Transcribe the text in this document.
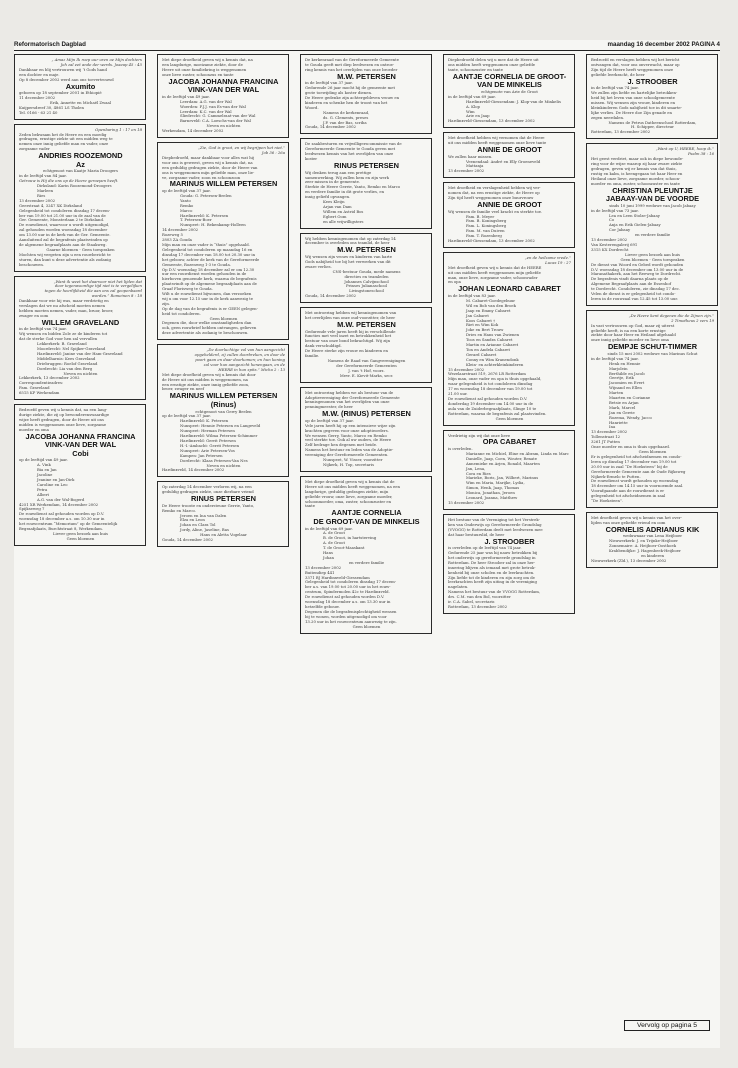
Reformatorisch Dagblad	maandag 16 december 2002 PAGINA 4
„ Amaz Mijn Ik roep uur uren oe Mijn dochters
Joh zal eet ande der werds. Joaeap 45 : 45
Dankbaar en blij vertrouwen wij ‘t Gods hand
een dochter en maje.
Op 8 december 2002 werd aan ons toevertrouwd
Axumito
geboren op 18 september 2001 in Ethiopië
11 december 2002
Erik, Annette en Michaël Zwaal
Kuijpersdreef 30, 4861 LS Tholen
Tel. 0166 - 63 21 40
Openbaring 1 : 17 en 18
Zeden bekwaam het de Heere en een moedig
gedragen, ernstige ziekte uit een midden weg te
nemen onze innig geliefde man en vader, onze
zorgzame vader
ANDRIES ROOZEMOND
Az
echtgenoot van Kaatje Maria Droogers
in de leeftijd van 84 jaar.
Getrouw is Hij die ons op de Heere geroepen heeft.
Dirksland: Karin Roozemond-Droogers
Marleen
Ries
13 december 2002
Geerstraat 4, 3247 XK Dirksland
Gelegenheid tot condoleren dinsdag 17 decem-
ber van 19.00 tot 21.00 uur in de zaal van de
Ger. Gemeente, Monsterlaan 2 te Dirksland.
De rouwdienst, waarvoor u wordt uitgenodigd,
zal gehouden worden woensdag 18 december
om 13.00 uur in de kerk van de Ger. Gemeente.
Aansluitend zal de begrafenis plaatsvinden op
de algemene begraafplaats aan de Staakweg.
Gaarne bloemen - Geen toespraken
Mochten wij vergeten zijn u een rouwbericht te
sturen, dan kunt u deze advertentie als zodanig
beschouwen.
„Want ik weet het daarvoor niet het lijden dat
door tegenwoordige tijd niet is te vergelijken
tegen de heerlijkheid die aan ons zal geopenbaard
worden.” Romeinen 8 : 18
Dankbaar voor wie hij was, maar verdrietig en
verslagen dat we nu afscheid moeten nemen
hebben moeten nemen, vader, man, bruor, broer,
zwager en oom
WILLEM GRAVELAND
in de leeftijd van 74 jaar.
Wij wensen en bidden Zole ze de kinderen tot
dat de sterke God voor hen zal vervullen
Lekkerkerk: B. Graveland
Moordrecht: Nel Spijker-Graveland
Hardinxveld: Janine van der Ham-Graveland
Middelharnis: Kees Graveland
Driebruggen: Roelof Graveland
Dordrecht: Lia van den Berg
Neven en nichten
Lekkerkerk, 13 december 2002
Correspondentieadres:
Fam. Graveland
6515 KP Werkendam
Bedroefd geven wij u kennis dat, na een lang-
durige ziekte, die zij op bewonderenswaardige
wijze heeft gedragen, door de Heere uit ons
midden is weggenomen onze lieve, zorgzame
moeder en oma
JACOBA JOHANNA FRANCINA
VINK-VAN DER WAL
Cobi
op de leeftijd van 49 jaar.
A. Vink
Bia en Jan
Jacoline
Jeanine en Jan-Dirk
Caroline en Leo
Petra
Albert
A.G. van der Wal-Bogerd
4251 XR Werkendam, 14 december 2002
Spijkseweg 7
De rouwdienst zal gehouden worden op D.V.
woensdag 18 december a.s. om 10.30 uur in
het rouwcentrum “Memorium” op de Gemeentelijk
Begraafplaats, Burchtstraat 8, Werkendam.
Liever geen bezoek aan huis
Geen bloemen
Met diepe droefheid geven wij u kennis dat, na
een langdurige, moeizame ziekte, door de
Heere uit onze familiekring is weggenomen
onze lieve zuster, schoonzus en tante
JACOBA JOHANNA FRANCINA
VINK-VAN DER WAL
in de leeftijd van 49 jaar.
Leerdam: A.G. van der Wal
Woerden: F.J.J. van Es-van der Wal
Leerdam: K.C. van der Wal
Sliedrecht: G. Cammelraat-van der Wal
Barneveld: C.A. Loeschs-van der Wal
Neven en nichten
Werkendam, 14 december 2002
„Zie, God is groot, en wij begrijpen het niet.”
Job 36 : 26a
Diepbedroefd, maar dankbaar voor alles wat hij
voor ons is geweest, geven wij u kennis dat, na
een geduldig gedragen ziekte, door de Heere van
ons is weggenomen mijn geliefde man, onze lie-
ve, zorgzame vader, zoon en schoonzoon
MARINUS WILLEM PETERSEN
op de leeftijd van 37 jaar.
Gouda: G. Petersen-Beelen
Yanto
Remko
Marco
Hardinxveld: K. Petersen
T. Petersen-Boer
Nunspeet: H. Bekenkamp-Holleen
14 december 2002
Rozeweg 5
2803 ZA Gouda
Mijn man en onze vader is “thuis” opgehaald.
Gelegenheid tot condoleren op maandag 16 en
dinsdag 17 december van 18.00 tot 20.30 uur in
het gebouw, achter de kerk van de Gereformeerde
Gemeente, Rozenweg 1-3 te Gouda.
Op D.V. woensdag 18 december zal er om 12.30
uur een rouwdienst worden gehouden in de
hierboven genoemde kerk, waarna de begrafenis
plaatsvindt op de algemene begraafplaats aan de
Graaf Florisweg te Gouda.
Wilt u de rouwdienst bijwonen, dan verzoeken
wij u om voor 12.15 uur in de kerk aanwezig te
zijn.
Op de dag van de begrafenis is er GEEN gelegen-
heid tot condoleren.
Geen bloemen
Degenen die, door welke omstandigheden dan
ook, geen rouwbrief hebben ontvangen, gelieven
deze advertentie als zodanig te beschouwen.
„De doorluchtige vol van hun aangezicht
opgehelderd, zij zullen doorbreken, en door de
poort gaan en daar doorkomen; en hun koning
zal voor hun aangezicht henengaan, en de
HEERE in hun spits.” Micha 2 : 13
Met diepe droefheid geven wij u kennis dat door
de Heere uit ons midden is weggenomen, na
een ernstige ziekte, onze innig geliefde zoon,
broer, zwager en neef
MARINUS WILLEM PETERSEN
(Rinus)
echtgenoot van Gerry Beelen
op de leeftijd van 37 jaar.
Hardinxveld: K. Petersen
Nunspeet: Hennie Petersen en Langeveld
Nunspeet: Herman Petersen
Hardinxveld: Wilma Petersen-Schimmer
Hardinxveld: Gerrit Petersen
H.-I.-Ambacht: Gerrit Petersen
Nunspeet: Arie Petersen-Vos
Kampen: Jan Petersen
Dordrecht: Klaas Petersen-Van Nes
Neven en nichten
Hardinxveld, 14 december 2002
Op zaterdag 14 december verloren wij, na een
geduldig gedragen ziekte, onze dierbare vriend
RINUS PETERSEN
De Heere trooste en ondersteune Gerrie, Yanto,
Remko en Marco.
Jeroen en Ina van Dalen
Elza en Leon
Johan en Clara Tol
Jordy, Aline, Jaseline, Bas
Hans en Aletta Vogelaar
Gouda, 14 december 2002
De kerkenraad van de Gereformeerde Gemeente
te Gouda geeft met diep leedwezen en ontroe-
ring kennis van het overlijden van onze broeder
M.W. PETERSEN
in de leeftijd van 37 jaar.
Gedurende 26 jaar mocht hij de gemeente met
grote toewijding als koster dienen.
De Heere gedenke zijn achtergebleven vrouw en
kinderen en schenke hen de troost van het
Woord.
Namens de kerkenraad,
ds. G. Clements, preses
J.P. van der Bas, scriba
Gouda, 14 december 2002
De zaakbesturen en vrijwilligerscommissie van de
Gereformeerde Gemeente te Gouda geven met
leedwezen kennis van het overlijden van onze
koster
RINUS PETERSEN
Wij denken terug aan een prettige
samenwerking. Wij zullen hem en zijn werk
zeer missen in de gemeente.
Sterkte de Heere Gerrie, Yanto, Remko en Marco
en verdere familie in dit grote verlies, en
innig geliefd opvangen.
Kees Kleijn
Arjan van Dam
Willem en Astrid Bos
Egbert Oom
en alle vrijwilligsters
Wij hebben kennisgenomen dat op zaterdag 14
december is overleden ons teamlid, de heer
M.W. PETERSEN
Wij wensen zijn vrouw en kinderen van harte
Gods nabijheid toe bij het verwerken van dit
zware verlies.
CNS-bestuur Gouda, mede namens
directies en teamleden
Johannes Calvijnschool
Prinses Julianaschool
Livingstoneschool
Gouda, 14 december 2002
Met ontroering hebben wij kennisgenomen van
het overlijden van onze oud-voorzitter, de heer
M.W. PETERSEN
Gedurende vele jaren heeft hij in verschillende
functies met veel inzet en betrokkenheid het
bestuur van onze bond bekrachtigd. Wij zijn
dank verschuldigd.
De Heere sterke zijn vrouw en kinderen en
familie.
Namens de Raad van Gangverenigingen
der Gereformeerde Gemeenten
J. van 't Hof, voorz.
Mevr. E. Kievit-Marks, secr.
Met ontroering hebben we als bestuur van de
Adoptievereniging der Gereformeerde Gemeente
kennisgenomen van het overlijden van onze
penningmeester, de heer
M.W. (RINUS) PETERSEN
op de leeftijd van 37 jaar.
Vele jaren heeft hij op een intensieve wijze zijn
krachten gegeven voor onze adoptieorders.
We wensen Gerry, Yanto, Marco en Remko
veel sterkte toe. Ook al uw ouders, de Heere
Zelf bedrage hen degenen met beide.
Namens het bestuur en leden van de Adoptie-
vereniging der Gereformeerde Gemeenten.
Nunspeet, W. Visser, voorzitter
Nijkerk, H. Top, secretaris
Met diepe droefheid geven wij u kennis dat de
Heere uit ons midden heeft weggenomen, na een
langdurige, geduldig gedragen ziekte, mijn
geliefde vrouw, onze lieve, zorgzame moeder,
schoonmoeder, oma, zuster, schoonzuster en
tante
AANTJE CORNELIA
DE GROOT-VAN DE MINKELIS
in de leeftijd van 69 jaar.
A. de Groot
B. de Groot, in hartsterving
A. de Groot
T. de Groot-Maaskant
Hans
Johan
en verdere familie
13 december 2002
Buitendiep 441
3371 BJ Hardinxveld-Giessendam
Gelegenheid tot condoleren dinsdag 17 decem-
ber a.s. van 19.00 tot 20.00 uur in het rouw-
centrum, Spindermolen 42c te Hardinxveld.
De rouwdienst zal gehouden worden D.V.
woensdag 18 december a.s. om 13.30 uur in
hetzelfde gebouw.
Degenen die de begrafenisplechtigheid wensen
bij te wonen, worden uitgenodigd om voor
13.20 uur in het rouwcentrum aanwezig te zijn.
Geen bloemen
Diepbedroefd delen wij u mee dat de Heere uit
ons midden heeft weggenomen onze geliefde
tante, schoonzuster en tante
AANTJE CORNELIA DE GROOT-
VAN DE MINKELIS
echtgenote van Arie de Groot
in de leeftijd van 69 jaar.
Hardinxveld-Giessendam: J. Klop-van de Minkelis
A. Klop
Wim
Arie en Jaap
Hardinxveld-Giessendam, 13 december 2002
Met droefheid hebben wij vernomen dat de Heere
uit ons midden heeft weggenomen onze lieve tante
ANNIE DE GROOT
We zullen haar missen.
Veenendaal: André en Elly Groeneveld
Mattanja
13 december 2002
Met droefheid en verslagenheid hebben wij ver-
nomen dat, na een ernstige ziekte, de Heere op
Zijn tijd heeft weggenomen onze buurvrouw
ANNIE DE GROOT
Wij wensen de familie veel kracht en sterkte toe.
Fam. B. Meyer
Fam. B. Koningsberg
Fam. L. Koningsberg
Fam. M. van Duiven
Fam. T. Rozenberg
Hardinxveld-Giessendam, 13 december 2002
„en de heilzame vrede.”
Lucas 19 : 27
Met droefheid geven wij u kennis dat de HEERE
uit ons midden heeft weggenomen mijn geliefde
man, onze lieve, zorgzame vader, schoonvader
en opa
JOHAN LEONARD CABARET
in de leeftijd van 83 jaar.
M. Cabaret-Goedegebuur
Wil en Bob van den Broek
Jaap en Emmy Cabaret
Jan Cabaret
Koos Cabaret †
Riet en Wim Kok
Joke en Bert Trouw
Dries en Hans van Zwienen
Toos en Sandra Cabaret
Martin en Arianne Cabaret
Ton en Andela Cabaret
Gerard Cabaret
Conny en Wim Kranendonk
Klein- en achterkleinkinderen
15 december 2002
Wezelaarstraat 519, 2676 LR Rotterdam
Mijn man, onze vader en opa is thuis opgehaald,
waar gelegenheid is tot condoleren dinsdag
17 en woensdag 18 december van 19.00 tot
21.00 uur.
De rouwdienst zal gehouden worden D.V.
donderdag 19 december om 14.00 uur in de
aula van de Zuiderbegraafplaats, Slinge 10 te
Rotterdam, waarna de begrafenis zal plaatsvinden.
Geen bloemen
Verdrietig zijn wij dat onze lieve
OPA CABARET
is overleden.
Marianne en Michiel, Eline en Abram, Linda en Marc
Danielle, Jaap, Coen, Wouter, Renate
Annemieke en Arjen, Ronald, Maarten
Jan, Lena,
Cora en Ries
Marieke, Boris, Jan, Wilbert, Marinus
Wim en Maria, Marijke, Lydia,
Simon, Henk, Jaap, Thomas
Monica, Jonathan, Jeroen
Leonard, Joanna, Matthew
15 december 2002
Het bestuur van de Vereniging tot het Verstrek-
ken van Onderwijs op Gereformeerde Grondslag
(VVOGG) te Rotterdam deelt met leedwezen mee
dat haar bestuurslid, de heer
J. STROOBER
is overleden op de leeftijd van 74 jaar.
Gedurende 25 jaar was hij nauw betrokken bij
het onderwijs op gereformeerde grondslag in
Rotterdam. De heer Stroober zal in onze her-
innering blijven als iemand met grote betrok-
kenheid bij onze scholen en de leerkrachten.
Zijn liefde tot de kinderen en zijn zorg om de
leerkrachten heeft zijn uiting in de vereniging
nagelaten.
Namens het bestuur van de VVOGG Rotterdam,
drs. C.M. van den Bol, voorzitter
ir. C.A. Sabel, secretaris
Rotterdam, 13 december 2002
Bedroefd en verslagen hebben wij het bericht
ontvangen dat, voor ons onverwacht, maar op
Zijn tijd de Heere heeft weggenomen onze
geliefde leerkracht, de heer
J. STROOBER
in de leeftijd van 74 jaar.
We zullen zijn liefde en hartelijke betrokken-
heid bij het leven van onze schoolgemeente
missen. Wij wensen zijn vrouw, kinderen en
kleinkinderen Gods nabijheid toe in dit smarte-
lijke verlies. De Heere doe Zijn genade en
zegen neerdalen.
Namens de Petrus Datheenschool Rotterdam,
H. Schipper, directeur
Rotterdam, 13 december 2002
„Want op U, HEERE, hoop ik.”
Psalm 38 : 16
Het geest verdriet, maar ook in diepe bewonde-
ring voor de wijze waarop zij haar zware ziekte
gedragen, geven wij er kennis van dat thuis,
rustig en kalm, is heengegaan tot haar Heer en
Heiland onze lieve, zorgzame moeder, schoon-
moeder en oma, zuster, schoonzuster en tante
CHRISTINA PLEUNTJE
JABAAY-VAN DE VOORDE
sinds 10 juni 1999 weduwe van Jacob Jabaay
in de leeftijd van 73 jaar.
Lea en Leen Stolze-Jabaay
Co
Anja en Erik Gielen-Jabaay
Cor Jabaay
en verdere familie
13 december 2002
Van Kesterengalerij 691
3315 KX Dordrecht
Liever geen bezoek aan huis
Geen bloemen - Geen toespraken
De dienst van Woord en Gebed wordt gehouden
D.V. woensdag 18 december om 13.00 uur in de
Maranathakerk, aan het Reeweg te Dordrecht.
De begrafenis vindt daarna plaats op de
Algemene Begraafplaats aan de Essenhof
te Dordrecht. Condoleren, zie dinsdag 17 dec.
Velen de dienst is er gelegenheid tot condo-
leren in de rouwzaal van 12.45 tot 13.00 uur.
„De Heere kent degenen die de Zijnen zijn.”
2 Timotheus 2 vers 19
In vast vertrouwen op God, maar zij uiterst
geliefde heeft, is na een korte ernstige
ziekte door haar Heer en Heiland afgehaald
onze innig geliefde moeder en lieve oma
DEMPJE SCHUT-TIMMER
sinds 15 mei 2002 weduwe van Marinus Schut
in de leeftijd van 74 jaar.
Henk en Hennie
Marjolein
Berthilde en Jacob
Geertje, Erik
Jacomien en Evert
Wijnand en Ellen
Marten
Maarten en Corianne
Betsie en Arjan
Mark, Marcel
Jan en Gerrie
Rozema, Wendy, Jacco
Hanriette
Ina
13 december 2002
Tollenstraat 12
3261 JT Putten
Onze moeder en oma is thuis opgebaard.
Geen bloemen
Er is gelegenheid tot afscheidnemen en condo-
leren op dinsdag 17 december van 19.00 tot
20.00 uur in zaal “De Hoeksteen” bij de
Gereformeerde Gemeente aan de Oude Rijksweg
Nijkerk-Ermelo te Putten.
De rouwdienst wordt gehouden op woensdag
18 december om 14.15 uur in voornoemde zaal.
Voorafgaande aan de rouwdienst is er
gelegenheid tot afscheidnemen in zaal
“De Hoeksteen”.
Met droefheid geven wij u kennis van het over-
lijden van onze geliefde vriend en oom
CORNELIS ADRIANUS KIK
weduwnaar van Lena Heijboer
Nieuwerkerk: J. en Trijnke-Heijboer
Zonnemaire: A. Heijboer-Oosthoek
Krabbendijke: J. Hagenbeek-Heijboer
en kinderen
Nieuwerkerk (Zld.), 13 december 2002
Vervolg op pagina 5
